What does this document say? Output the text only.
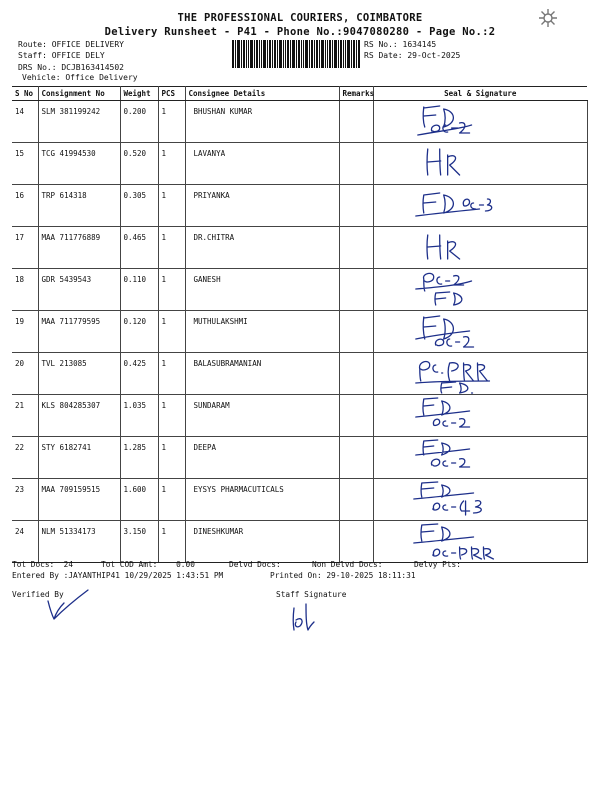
THE PROFESSIONAL COURIERS, COIMBATORE
Delivery Runsheet - P41 - Phone No.:9047080280 - Page No.:2
Route: OFFICE DELIVERY
Staff: OFFICE DELY
DRS No.: DCJB163414502
Vehicle: Office Delivery
RS No.: 1634145
RS Date: 29-Oct-2025
S No	Consignment No	Weight	PCS	Consignee Details	Remarks	Seal & Signature
14	SLM 381199242	0.200	1	BHUSHAN KUMAR		

15	TCG 41994530	0.520	1	LAVANYA		

16	TRP 614318	0.305	1	PRIYANKA		

17	MAA 711776889	0.465	1	DR.CHITRA		

18	GDR 5439543	0.110	1	GANESH		

19	MAA 711779595	0.120	1	MUTHULAKSHMI		

20	TVL 213085	0.425	1	BALASUBRAMANIAN		

21	KLS 804285307	1.035	1	SUNDARAM		

22	STY 6182741	1.285	1	DEEPA		

23	MAA 709159515	1.600	1	EYSYS PHARMACUTICALS		

24	NLM 51334173	3.150	1	DINESHKUMAR		
Tot Docs:  24	Tot COD Amt:    0.00	Delvd Docs:	Non Delvd Docs:	Delvy Pts:
Entered By :JAYANTHIP41 10/29/2025 1:43:51 PM	Printed On: 29-10-2025 18:11:31
Verified By	Staff Signature
